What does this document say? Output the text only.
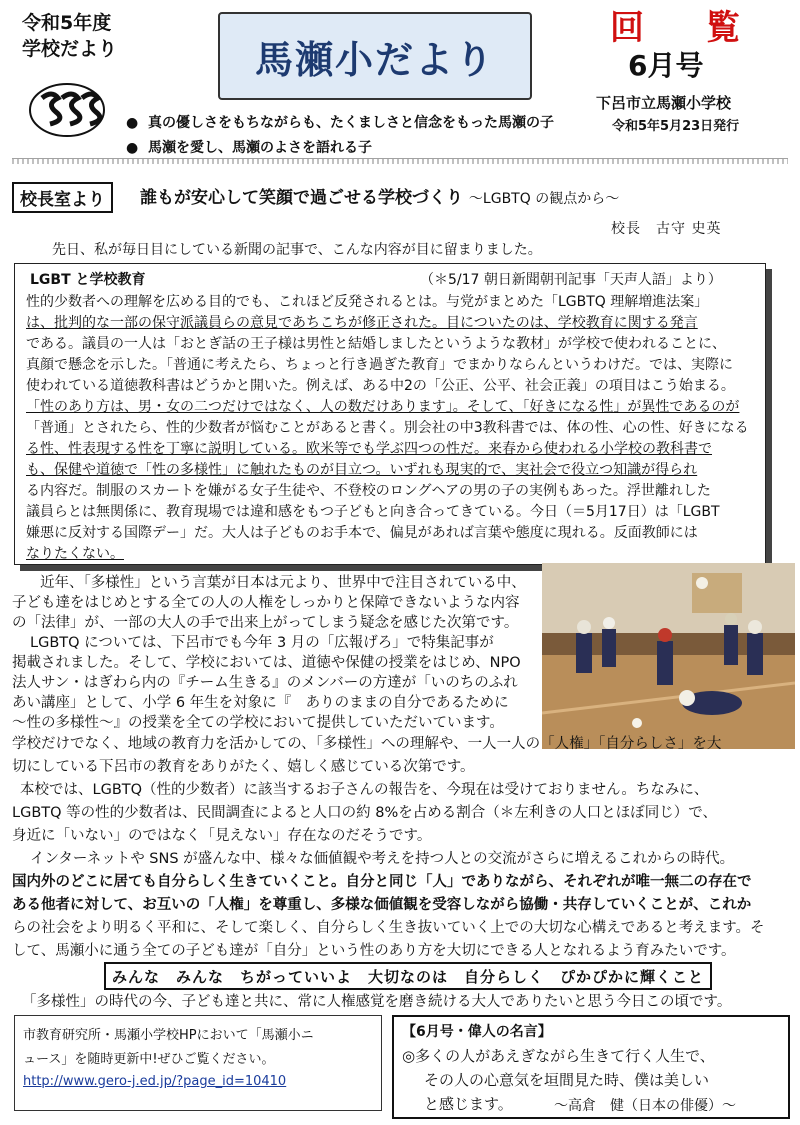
令和5年度
学校だより	馬瀬小だより
回　覧
6月号
下呂市立馬瀬小学校
令和5年5月23日発行
● 真の優しさをもちながらも、たくましさと信念をもった馬瀬の子
● 馬瀬を愛し、馬瀬のよさを語れる子
校長室より	誰もが安心して笑顔で過ごせる学校づくり ～LGBTQ の観点から～
校長　古守 史英
先日、私が毎日目にしている新聞の記事で、こんな内容が目に留まりました。
LGBT と学校教育	（＊5/17 朝日新聞朝刊記事「天声人語」より）

性的少数者への理解を広める目的でも、これほど反発されるとは。与党がまとめた「LGBTQ 理解増進法案」

は、批判的な一部の保守派議員らの意見であちこちが修正された。目についたのは、学校教育に関する発言

である。議員の一人は「おとぎ話の王子様は男性と結婚しましたというような教材」が学校で使われることに、

真顔で懸念を示した。「普通に考えたら、ちょっと行き過ぎた教育」でまかりならんというわけだ。では、実際に

使われている道徳教科書はどうかと開いた。例えば、ある中2の「公正、公平、社会正義」の項目はこう始まる。

「性のあり方は、男・女の二つだけではなく、人の数だけあります」。そして、「好きになる性」が異性であるのが

「普通」とされたら、性的少数者が悩むことがあると書く。別会社の中3教科書では、体の性、心の性、好きになる

る性、性表現する性を丁寧に説明している。欧米等でも学ぶ四つの性だ。来春から使われる小学校の教科書で

も、保健や道徳で「性の多様性」に触れたものが目立つ。いずれも現実的で、実社会で役立つ知識が得られ

る内容だ。制服のスカートを嫌がる女子生徒や、不登校のロングヘアの男の子の実例もあった。浮世離れした

議員らとは無関係に、教育現場では違和感をもつ子どもと向き合ってきている。今日（＝5月17日）は「LGBT

嫌悪に反対する国際デー」だ。大人は子どものお手本で、偏見があれば言葉や態度に現れる。反面教師には

なりたくない。

近年、「多様性」という言葉が日本は元より、世界中で注目されている中、

子ども達をはじめとする全ての人の人権をしっかりと保障できないような内容

の「法律」が、一部の大人の手で出来上がってしまう疑念を感じた次第です。

LGBTQ については、下呂市でも今年 3 月の「広報げろ」で特集記事が

掲載されました。そして、学校においては、道徳や保健の授業をはじめ、NPO

法人サン・はぎわら内の『チーム生きる』のメンバーの方達が「いのちのふれ

あい講座」として、小学 6 年生を対象に『　ありのままの自分であるために

～性の多様性～』の授業を全ての学校において提供していただいています。

学校だけでなく、地域の教育力を活かしての、「多様性」への理解や、一人一人の「人権」「自分らしさ」を大

切にしている下呂市の教育をありがたく、嬉しく感じている次第です。

本校では、LGBTQ（性的少数者）に該当するお子さんの報告を、今現在は受けておりません。ちなみに、

LGBTQ 等の性的少数者は、民間調査によると人口の約 8%を占める割合（＊左利きの人口とほぼ同じ）で、

身近に「いない」のではなく「見えない」存在なのだそうです。

インターネットや SNS が盛んな中、様々な価値観や考えを持つ人との交流がさらに増えるこれからの時代。

国内外のどこに居ても自分らしく生きていくこと。自分と同じ「人」でありながら、それぞれが唯一無二の存在で

ある他者に対して、お互いの「人権」を尊重し、多様な価値観を受容しながら協働・共存していくことが、これか

らの社会をより明るく平和に、そして楽しく、自分らしく生き抜いていく上での大切な心構えであると考えます。そ

して、馬瀬小に通う全ての子ども達が「自分」という性のあり方を大切にできる人となれるよう育みたいです。

みんな　みんな　ちがっていいよ　大切なのは　自分らしく　ぴかぴかに輝くこと
「多様性」の時代の今、子ども達と共に、常に人権感覚を磨き続ける大人でありたいと思う今日この頃です。
市教育研究所・馬瀬小学校HPにおいて「馬瀬小ニ
ュース」を随時更新中!ぜひご覧ください。
http://www.gero-j.ed.jp/?page_id=10410
【6月号・偉人の名言】
◎多くの人があえぎながら生きて行く人生で、
その人の心意気を垣間見た時、僕は美しい
と感じます。	～高倉　健（日本の俳優）～
